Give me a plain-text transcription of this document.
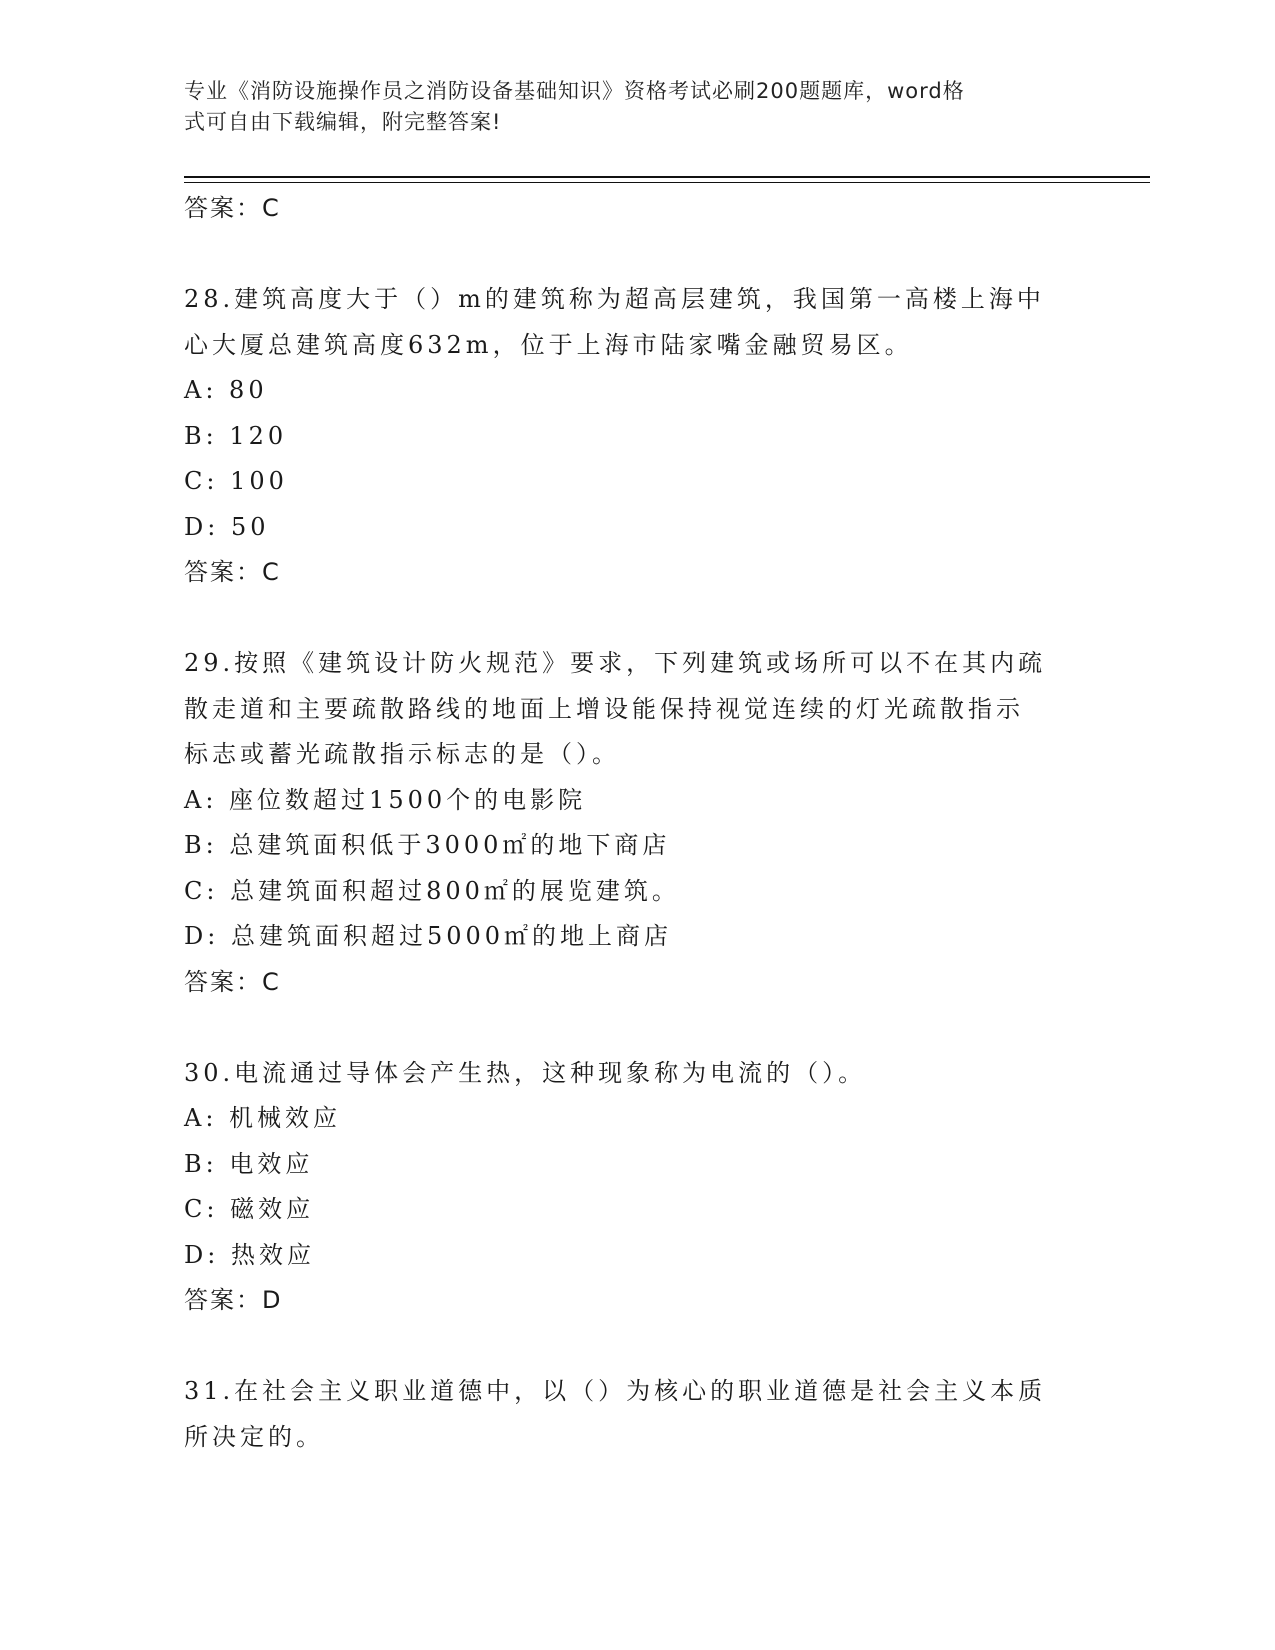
专业《消防设施操作员之消防设备基础知识》资格考试必刷200题题库，word格
式可自由下载编辑，附完整答案!
答案：C
28.建筑高度大于（）m的建筑称为超高层建筑，我国第一高楼上海中
心大厦总建筑高度632m，位于上海市陆家嘴金融贸易区。
A: 80
B: 120
C: 100
D: 50
答案：C
29.按照《建筑设计防火规范》要求，下列建筑或场所可以不在其内疏
散走道和主要疏散路线的地面上增设能保持视觉连续的灯光疏散指示
标志或蓄光疏散指示标志的是（）。
A: 座位数超过1500个的电影院
B: 总建筑面积低于3000㎡的地下商店
C: 总建筑面积超过800㎡的展览建筑。
D: 总建筑面积超过5000㎡的地上商店
答案：C
30.电流通过导体会产生热，这种现象称为电流的（）。
A: 机械效应
B: 电效应
C: 磁效应
D: 热效应
答案：D
31.在社会主义职业道德中，以（）为核心的职业道德是社会主义本质
所决定的。
